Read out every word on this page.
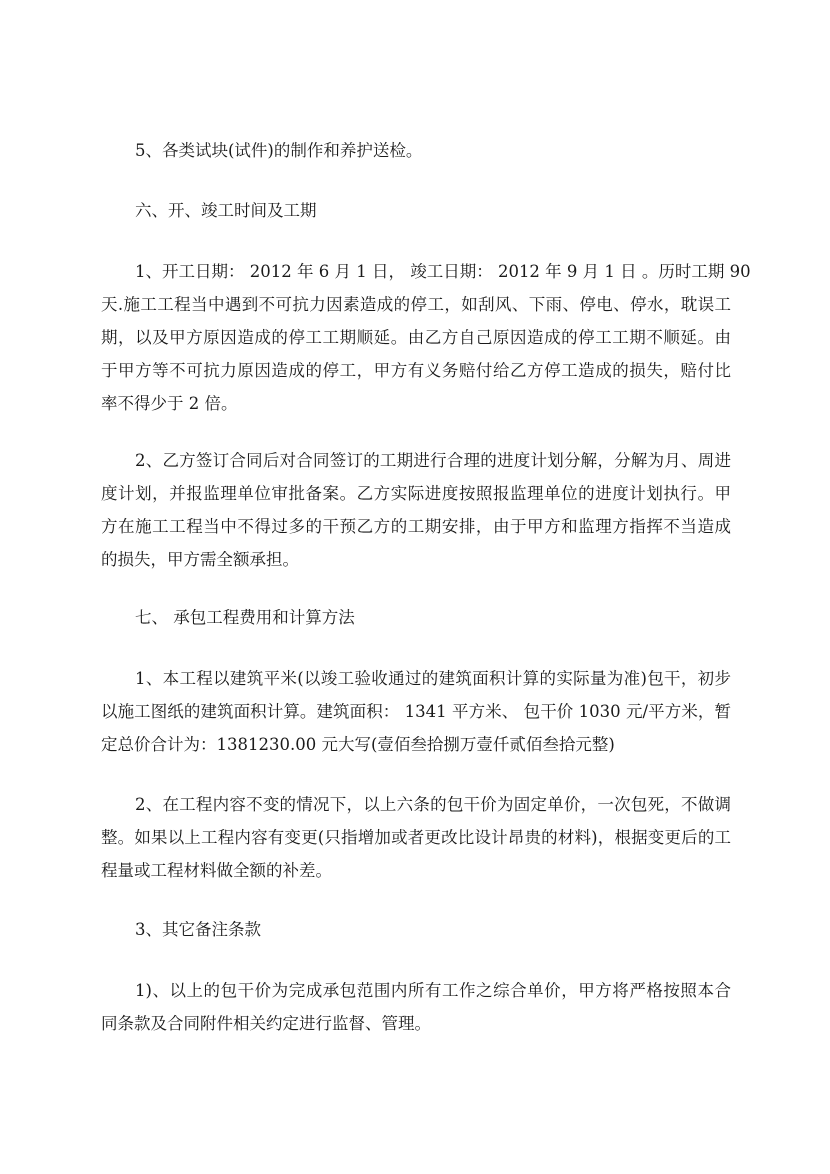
5、各类试块(试件)的制作和养护送检。
六、开、竣工时间及工期
1、开工日期： 2012 年 6 月 1 日， 竣工日期： 2012 年 9 月 1 日 。历时工期 90
天.施工工程当中遇到不可抗力因素造成的停工，如刮风、下雨、停电、停水，耽误工
期，以及甲方原因造成的停工工期顺延。由乙方自己原因造成的停工工期不顺延。由
于甲方等不可抗力原因造成的停工，甲方有义务赔付给乙方停工造成的损失，赔付比
率不得少于 2 倍。
2、乙方签订合同后对合同签订的工期进行合理的进度计划分解，分解为月、周进
度计划，并报监理单位审批备案。乙方实际进度按照报监理单位的进度计划执行。甲
方在施工工程当中不得过多的干预乙方的工期安排，由于甲方和监理方指挥不当造成
的损失，甲方需全额承担。
七、 承包工程费用和计算方法
1、本工程以建筑平米(以竣工验收通过的建筑面积计算的实际量为准)包干，初步
以施工图纸的建筑面积计算。建筑面积： 1341 平方米、 包干价 1030 元/平方米，暂
定总价合计为：1381230.00 元大写(壹佰叁拾捌万壹仟贰佰叁拾元整)
2、在工程内容不变的情况下，以上六条的包干价为固定单价，一次包死，不做调
整。如果以上工程内容有变更(只指增加或者更改比设计昂贵的材料)，根据变更后的工
程量或工程材料做全额的补差。
3、其它备注条款
1)、以上的包干价为完成承包范围内所有工作之综合单价，甲方将严格按照本合
同条款及合同附件相关约定进行监督、管理。
